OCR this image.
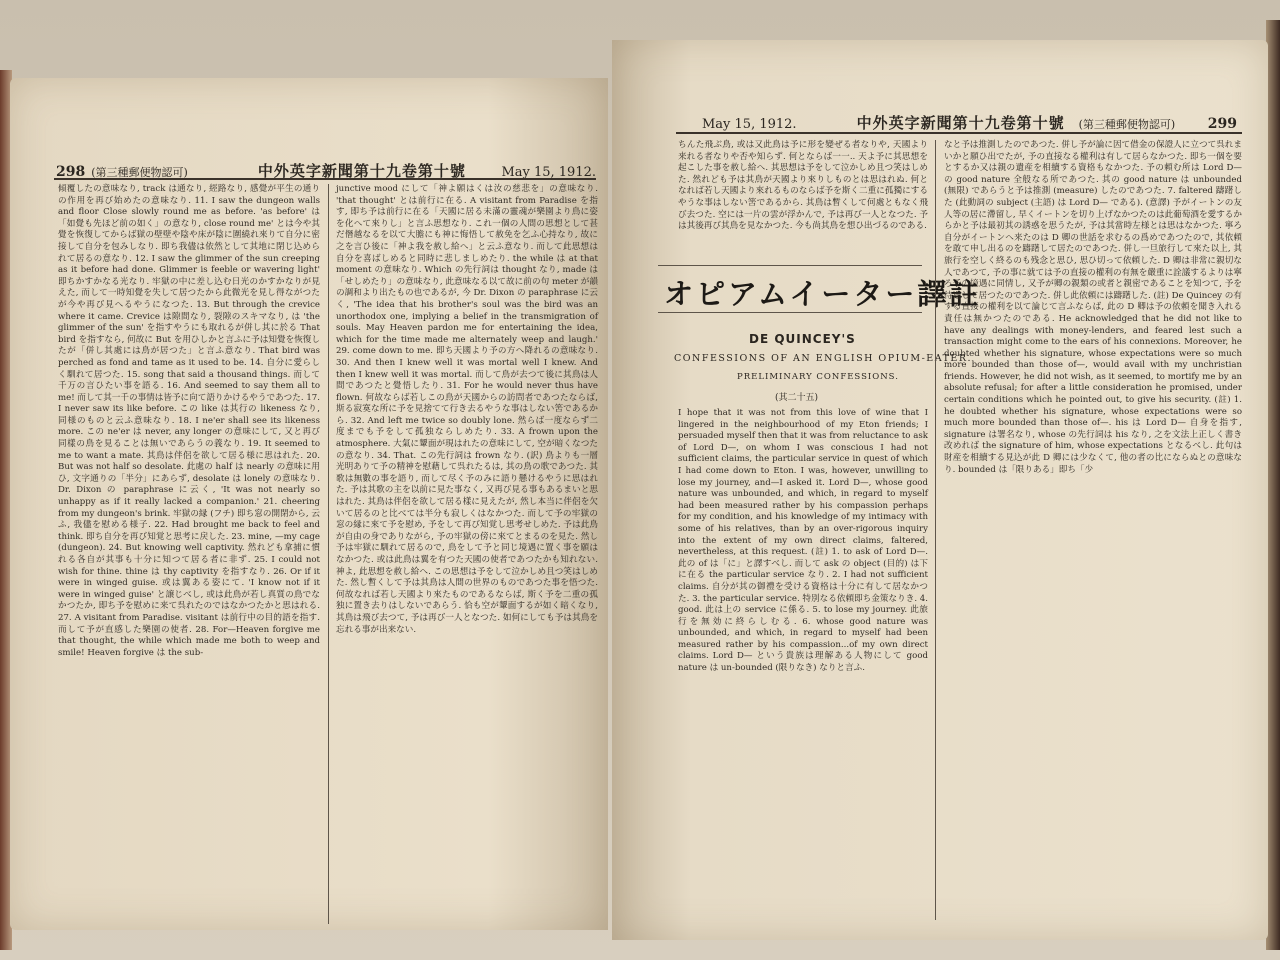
298 (第三種郵便物認可)	中外英字新聞第十九卷第十號	May 15, 1912.

傾覆したの意味なり, track は通なり, 經路なり, 感覺が平生の通りの作用を再び始めたの意味なり. 11. I saw the dungeon walls and floor Close slowly round me as before. 'as before' は「如覺も先ほど前の如く」の意なり, close round me' とは今や其覺を恢復してからば獄の壁壁や陰や床が陰に圍繞れ來りて自分に密接して自分を包みしなり. 即ち我儘は依然として其地に閉じ込められて居るの意なり. 12. I saw the glimmer of the sun creeping as it before had done. Glimmer is feeble or wavering light' 即ちかすかなる光なり. 牢獄の中に差し込む日光のかすかなりが見えた, 而して一時知覺を失して居つたから此微光を見し得ながつたが今や再び見へるやうになつた. 13. But through the crevice where it came. Crevice は隙間なり, 裂隙のスキマなり, は 'the glimmer of the sun' を指すやうにも取れるが併し其に於る That bird を指すなら, 何故に But を用ひしかと言ふに予は知覺を恢復したが「併し其處には鳥が居つた」と言ふ意なり. That bird was perched as fond and tame as it used to be. 14. 自分に愛らしく馴れて居つた. 15. song that said a thousand things. 而して千万の言ひたい事を語る. 16. And seemed to say them all to me! 而して其一千の事情は皆予に向て語りかけるやうであつた. 17. I never saw its like before. この like は其行の likeness なり, 同様のものと云ふ意味なり. 18. I ne'er shall see its likeness more. この ne'er は never, any longer の意味にして, 又と再び同樣の鳥を見ることは無いであらうの義なり. 19. It seemed to me to want a mate. 其鳥は伴侶を欲して居る様に思はれた. 20. But was not half so desolate. 此處の half は nearly の意味に用ひ, 文字通りの「半分」にあらず, desolate は lonely の意味なり. Dr. Dixon の paraphrase に云く, 'It was not nearly so unhappy as if it really lacked a companion.' 21. cheering from my dungeon's brink. 牢獄の縁 (フチ) 即ち窓の開閉から, 云ふ, 我儘を慰める様子. 22. Had brought me back to feel and think. 即ち自分を再び知覚と思考に戻した. 23. mine, —my cage (dungeon). 24. But knowing well captivity. 然れども拿捕に慣れる各自が其事も十分に知つて居る者に非ず. 25. I could not wish for thine. thine は thy captivity を指すなり. 26. Or if it were in winged guise. 或は翼ある姿にて. 'I know not if it were in winged guise' と譲じべし, 或は此鳥が若し真質の鳥でなかつたか, 即ち予を慰めに来て呉れたのではなかつたかと思はれる. 27. A visitant from Paradise. visitant は前行中の目的語を指す. 而して予が直感した樂園の使者. 28. For—Heaven forgive me that thought, the while which made me both to weep and smile! Heaven forgive は the sub-

junctive mood にして「神よ願はくは汝の慈悲を」の意味なり. 'that thought' とは前行に在る. A visitant from Paradise を指す, 即ち予は前行に在る「天國に居る未滿の靈魂が樂園より鳥に姿を化へて來りし」と言ふ思想なり. これ一個の人間の思想として甚だ僭越なるを以て大膽にも神に悔悟して赦免を乞ふ心持なり, 故に之を言ひ後に「神よ我を赦し給へ」と云ふ意なり. 而して此思想は自分を喜ばしめると同時に悲しましめたり. the while は at that moment の意味なり. Which の先行詞は thought なり, made は「せしめたり」の意味なり, 此意味なる以て故に前の句 meter が韻の調和より出たもの也であるが, 今 Dr. Dixon の paraphrase に云く, 'The idea that his brother's soul was the bird was an unorthodox one, implying a belief in the transmigration of souls. May Heaven pardon me for entertaining the idea, which for the time made me alternately weep and laugh.' 29. come down to me. 即ち天國より予の方へ降れるの意味なり. 30. And then I knew well it was mortal well I knew. And then I knew well it was mortal. 而して鳥が去つて後に其鳥は人間であつたと覺悟したり. 31. For he would never thus have flown. 何故ならば若しこの鳥が天國からの訪問者であつたならば, 斯る寂寞な所に予を見捨てて行き去るやうな事はしない筈であるから. 32. And left me twice so doubly lone. 然らば一度ならず二度までも予をして孤独ならしめたり. 33. A frown upon the atmosphere. 大氣に顰面が現はれたの意味にして, 空が暗くなつたの意なり. 34. That. この先行詞は frown なり. (訳) 鳥よりも一層光明ありて予の精神を慰藉して呉れたるは, 其の鳥の歌であつた. 其歌は無數の事を語り, 而して尽く予のみに語り懸けるやうに思はれた. 予は其歌の主を以前に見た事なく, 又再び見る事もあるまいと思はれた. 其鳥は伴侶を欲して居る樣に見えたが, 然し本当に伴侶を欠いて居るのと比べては半分も寂しくはなかつた. 而して予の牢獄の窓の縁に來て予を慰め, 予をして再び知覚し思考せしめた. 予は此鳥が自由の身でありながら, 予の牢獄の傍に來てとまるのを見た. 然し予は牢獄に馴れて居るので, 鳥をして予と同じ境遇に置く事を願はなかつた. 或は此鳥は翼を有つた天國の使者であつたかも知れない. 神よ, 此思想を赦し給へ. この思想は予をして泣かしめ且つ笑はしめた. 然し暫くして予は其鳥は人間の世界のものであつた事を悟つた. 何故なれば若し天國より來たものであるならば, 斯く予を二重の孤独に置き去りはしないであらう. 恰も空が顰面するが如く暗くなり, 其鳥は飛び去つて, 予は再び一人となつた. 如何にしても予は其鳥を忘れる事が出来ない.

May 15, 1912.	中外英字新聞第十九卷第十號 (第三種郵便物認可) 299

ちんた飛ぶ鳥, 或は又此鳥は予に形を變ぜる者なりや, 天國より来れる者なりや否や知らず. 何とならば一一.. 天よ予に其思想を起こした事を赦し給へ. 其思想は予をして泣かしめ且つ笑はしめた. 然れども予は其鳥が天國より來りしものとは思はれぬ. 何となれば若し天國より來れるものならば予を斯く二重に孤獨にするやうな事はしない筈であるから. 其鳥は暫くして何處ともなく飛び去つた. 空には一片の雲が浮かんで, 予は再び一人となつた. 予は其後再び其鳥を見なかつた. 今も尚其鳥を想ひ出づるのである.

オピアムイーター譯註
DE QUINCEY'S
CONFESSIONS OF AN ENGLISH OPIUM-EATER.
PRELIMINARY CONFESSIONS.
(其二十五)

I hope that it was not from this love of wine that I lingered in the neighbourhood of my Eton friends; I persuaded myself then that it was from reluctance to ask of Lord D—, on whom I was conscious I had not sufficient claims, the particular service in quest of which I had come down to Eton. I was, however, unwilling to lose my journey, and—I asked it. Lord D—, whose good nature was unbounded, and which, in regard to myself had been measured rather by his compassion perhaps for my condition, and his knowledge of my intimacy with some of his relatives, than by an over-rigorous inquiry into the extent of my own direct claims, faltered, nevertheless, at this request. (註) 1. to ask of Lord D—. 此の of は「に」と譯すべし. 而して ask の object (目的) は下に在る the particular service なり. 2. I had not sufficient claims. 自分が其の御禮を受ける資格は十分に有して居なかつた. 3. the particular service. 特別なる依頼即ち金策なりき. 4. good. 此は上の service に係る. 5. to lose my journey. 此旅行を無効に終らしむる. 6. whose good nature was unbounded, and which, in regard to myself had been measured rather by his compassion...of my own direct claims. Lord D— という貴族は理解ある人物にして good nature は un-bounded (限りなき) なりと言ふ.

なと予は推測したのであつた. 併し予が論に因て借金の保證人に立つて呉れまいかと願ひ出でたが, 予の直接なる權利は有して居らなかつた. 即ち一個を要とするか又は親の遺産を相續する資格もなかつた. 予の頼む所は Lord D— の good nature 全般なる所であつた. 其の good nature は unbounded (無限) であらうと予は推測 (measure) したのであつた. 7. faltered 躊躇した (此動詞の subject (主語) は Lord D— である). (意譯) 予がイートンの友人等の居に滯留し, 早くイートンを切り上げなかつたのは此葡萄酒を愛するからかと予は最初其の誘惑を思うたが, 予は其當時左様とは思はなかつた. 寧ろ自分がイートンへ来たのは D 卿の世話を求むるの爲めであつたので, 其依頼を敢て申し出るのを躊躇して居たのであつた. 併し一旦旅行して來た以上, 其旅行を空しく終るのも残念と思ひ, 思ひ切って依頼した. D 卿は非常に親切な人であつて, 予の事に就ては予の直接の權利の有無を嚴重に詮議するよりは寧ろ予の境遇に同情し, 又予が卿の親類の或者と親密であることを知つて, 予を待遇して居つたのであつた. 併し此依頼には躊躇した. (註) De Quincey の有する直接の權利を以て論じて言ふならば, 此の D 卿は予の依頼を聞き入れる責任は無かつたのである. He acknowledged that he did not like to have any dealings with money-lenders, and feared lest such a transaction might come to the ears of his connexions. Moreover, he doubted whether his signature, whose expectations were so much more bounded than those of—, would avail with my unchristian friends. However, he did not wish, as it seemed, to mortify me by an absolute refusal; for after a little consideration he promised, under certain conditions which he pointed out, to give his security. (註) 1. he doubted whether his signature, whose expectations were so much more bounded than those of—. his は Lord D— 自身を指す, signature は署名なり, whose の先行詞は his なり, 之を文法上正しく書き改めれば the signature of him, whose expectations となるべし. 此句は財産を相續する見込が此 D 卿には少なくて, 他の者の比にならぬとの意味なり. bounded は「限りある」即ち「少
